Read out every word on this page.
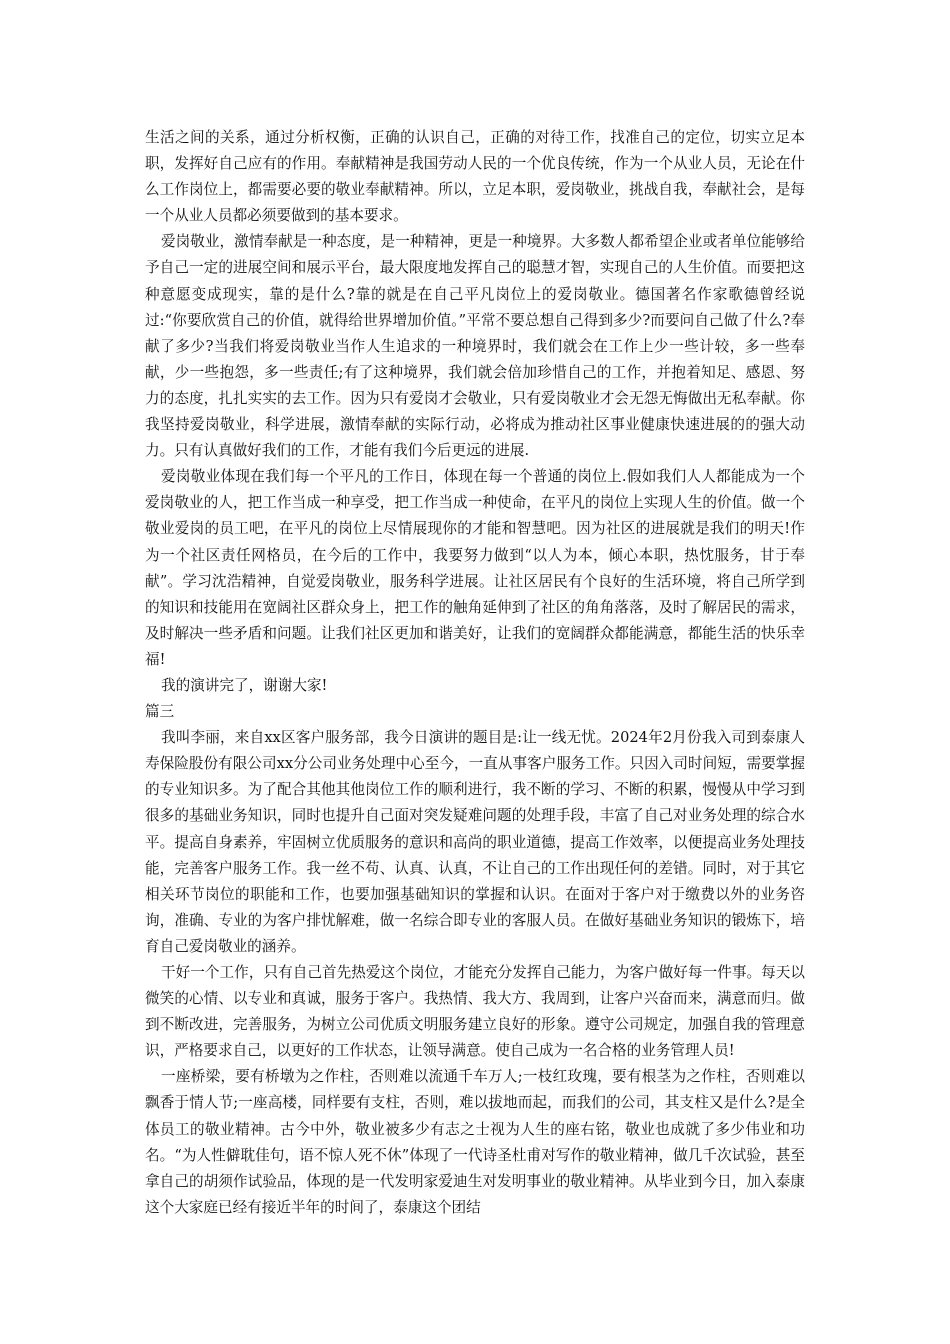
生活之间的关系，通过分析权衡，正确的认识自己，正确的对待工作，找准自己的定位，切实立足本职，发挥好自己应有的作用。奉献精神是我国劳动人民的一个优良传统，作为一个从业人员，无论在什么工作岗位上，都需要必要的敬业奉献精神。所以，立足本职，爱岗敬业，挑战自我，奉献社会，是每一个从业人员都必须要做到的基本要求。

爱岗敬业，激情奉献是一种态度，是一种精神，更是一种境界。大多数人都希望企业或者单位能够给予自己一定的进展空间和展示平台，最大限度地发挥自己的聪慧才智，实现自己的人生价值。而要把这种意愿变成现实，靠的是什么?靠的就是在自己平凡岗位上的爱岗敬业。德国著名作家歌德曾经说过:“你要欣赏自己的价值，就得给世界增加价值。”平常不要总想自己得到多少?而要问自己做了什么?奉献了多少?当我们将爱岗敬业当作人生追求的一种境界时，我们就会在工作上少一些计较，多一些奉献，少一些抱怨，多一些责任;有了这种境界，我们就会倍加珍惜自己的工作，并抱着知足、感恩、努力的态度，扎扎实实的去工作。因为只有爱岗才会敬业，只有爱岗敬业才会无怨无悔做出无私奉献。你我坚持爱岗敬业，科学进展，激情奉献的实际行动，必将成为推动社区事业健康快速进展的的强大动力。只有认真做好我们的工作，才能有我们今后更远的进展.

爱岗敬业体现在我们每一个平凡的工作日，体现在每一个普通的岗位上.假如我们人人都能成为一个爱岗敬业的人，把工作当成一种享受，把工作当成一种使命，在平凡的岗位上实现人生的价值。做一个敬业爱岗的员工吧，在平凡的岗位上尽情展现你的才能和智慧吧。因为社区的进展就是我们的明天!作为一个社区责任网格员，在今后的工作中，我要努力做到“以人为本，倾心本职，热忱服务，甘于奉献”。学习沈浩精神，自觉爱岗敬业，服务科学进展。让社区居民有个良好的生活环境，将自己所学到的知识和技能用在宽阔社区群众身上，把工作的触角延伸到了社区的角角落落，及时了解居民的需求，及时解决一些矛盾和问题。让我们社区更加和谐美好，让我们的宽阔群众都能满意，都能生活的快乐幸福!

我的演讲完了，谢谢大家!

篇三

我叫李丽，来自xx区客户服务部，我今日演讲的题目是:让一线无忧。2024年2月份我入司到泰康人寿保险股份有限公司xx分公司业务处理中心至今，一直从事客户服务工作。只因入司时间短，需要掌握的专业知识多。为了配合其他其他岗位工作的顺利进行，我不断的学习、不断的积累，慢慢从中学习到很多的基础业务知识，同时也提升自己面对突发疑难问题的处理手段，丰富了自己对业务处理的综合水平。提高自身素养，牢固树立优质服务的意识和高尚的职业道德，提高工作效率，以便提高业务处理技能，完善客户服务工作。我一丝不苟、认真、认真，不让自己的工作出现任何的差错。同时，对于其它相关环节岗位的职能和工作，也要加强基础知识的掌握和认识。在面对于客户对于缴费以外的业务咨询，准确、专业的为客户排忧解难，做一名综合即专业的客服人员。在做好基础业务知识的锻炼下，培育自己爱岗敬业的涵养。

干好一个工作，只有自己首先热爱这个岗位，才能充分发挥自己能力，为客户做好每一件事。每天以微笑的心情、以专业和真诚，服务于客户。我热情、我大方、我周到，让客户兴奋而来，满意而归。做到不断改进，完善服务，为树立公司优质文明服务建立良好的形象。遵守公司规定，加强自我的管理意识，严格要求自己，以更好的工作状态，让领导满意。使自己成为一名合格的业务管理人员!

一座桥梁，要有桥墩为之作柱，否则难以流通千车万人;一枝红玫瑰，要有根茎为之作柱，否则难以飘香于情人节;一座高楼，同样要有支柱，否则，难以拔地而起，而我们的公司，其支柱又是什么?是全体员工的敬业精神。古今中外，敬业被多少有志之士视为人生的座右铭，敬业也成就了多少伟业和功名。“为人性僻耽佳句，语不惊人死不休”体现了一代诗圣杜甫对写作的敬业精神，做几千次试验，甚至拿自己的胡须作试验品，体现的是一代发明家爱迪生对发明事业的敬业精神。从毕业到今日，加入泰康这个大家庭已经有接近半年的时间了，泰康这个团结
